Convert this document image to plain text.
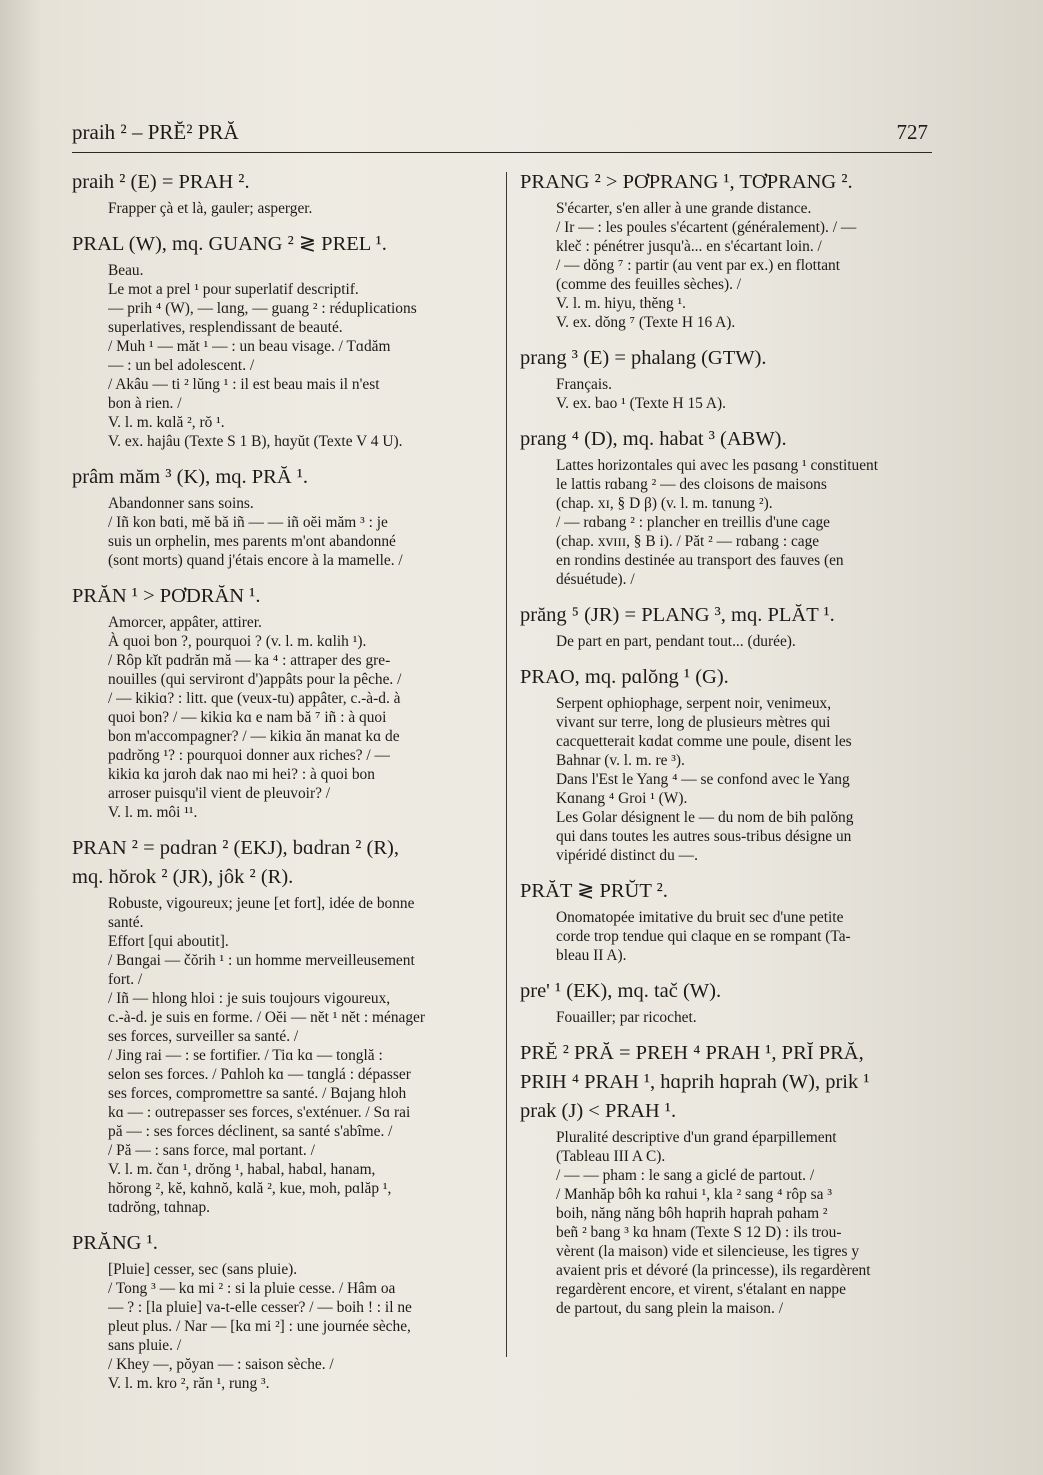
praih ² – PRĔ² PRĂ	727
praih ² (E) = PRAH ².
Frapper çà et là, gauler; asperger.
PRAL (W), mq. GUANG ² ≷ PREL ¹.
Beau.
Le mot a prel ¹ pour superlatif descriptif.
— prih ⁴ (W), — lɑng, — guang ² : réduplications
superlatives, resplendissant de beauté.
/ Muh ¹ — măt ¹ — : un beau visage. / Tɑdăm
— : un bel adolescent. /
/ Akâu — ti ² lŭng ¹ : il est beau mais il n'est
bon à rien. /
V. l. m. kɑlă ², rŏ ¹.
V. ex. hajâu (Texte S 1 B), hɑyŭt (Texte V 4 U).
prâm măm ³ (K), mq. PRĂ ¹.
Abandonner sans soins.
/ Iñ kon bɑti, mĕ bă iñ — — iñ oĕi măm ³ : je
suis un orphelin, mes parents m'ont abandonné
(sont morts) quand j'étais encore à la mamelle. /
PRĂN ¹ > PƠDRĂN ¹.
Amorcer, appâter, attirer.
À quoi bon ?, pourquoi ? (v. l. m. kɑlih ¹).
/ Rôp kĭt pɑdrăn mă — ka ⁴ : attraper des gre-
nouilles (qui serviront d')appâts pour la pêche. /
/ — kikiɑ? : litt. que (veux-tu) appâter, c.-à-d. à
quoi bon? / — kikiɑ kɑ e nam bă ⁷ iñ : à quoi
bon m'accompagner? / — kikiɑ ăn manat kɑ de
pɑdrŏng ¹? : pourquoi donner aux riches? / —
kikiɑ kɑ jɑroh dak nao mi hei? : à quoi bon
arroser puisqu'il vient de pleuvoir? /
V. l. m. môi ¹¹.
PRAN ² = pɑdran ² (EKJ), bɑdran ² (R),
mq. hŏrok ² (JR), jôk ² (R).
Robuste, vigoureux; jeune [et fort], idée de bonne
santé.
Effort [qui aboutit].
/ Bɑngai — čŏrih ¹ : un homme merveilleusement
fort. /
/ Iñ — hlong hloi : je suis toujours vigoureux,
c.-à-d. je suis en forme. / Oĕi — nĕt ¹ nĕt : ménager
ses forces, surveiller sa santé. /
/ Jing rai — : se fortifier. / Tiɑ kɑ — tonglă :
selon ses forces. / Pɑhloh kɑ — tɑnglá : dépasser
ses forces, compromettre sa santé. / Bɑjang hloh
kɑ — : outrepasser ses forces, s'exténuer. / Sɑ rai
pă — : ses forces déclinent, sa santé s'abîme. /
/ Pă — : sans force, mal portant. /
V. l. m. čɑn ¹, drŏng ¹, habal, habɑl, hanam,
hŏrong ², kĕ, kɑhnŏ, kɑlă ², kue, moh, pɑlăp ¹,
tɑdrŏng, tɑhnap.
PRĂNG ¹.
[Pluie] cesser, sec (sans pluie).
/ Tong ³ — kɑ mi ² : si la pluie cesse. / Hâm oa
— ? : [la pluie] va-t-elle cesser? / — boih ! : il ne
pleut plus. / Nar — [kɑ mi ²] : une journée sèche,
sans pluie. /
/ Khey —, pŏyan — : saison sèche. /
V. l. m. kro ², răn ¹, rung ³.
PRANG ² > PƠPRANG ¹, TƠPRANG ².
S'écarter, s'en aller à une grande distance.
/ Ir — : les poules s'écartent (généralement). / —
kleč : pénétrer jusqu'à... en s'écartant loin. /
/ — dŏng ⁷ : partir (au vent par ex.) en flottant
(comme des feuilles sèches). /
V. l. m. hiyu, thĕng ¹.
V. ex. dŏng ⁷ (Texte H 16 A).
prang ³ (E) = phalang (GTW).
Français.
V. ex. bao ¹ (Texte H 15 A).
prang ⁴ (D), mq. habat ³ (ABW).
Lattes horizontales qui avec les pɑsɑng ¹ constituent
le lattis rɑbang ² — des cloisons de maisons
(chap. xɪ, § D β) (v. l. m. tɑnung ²).
/ — rɑbang ² : plancher en treillis d'une cage
(chap. xᴠɪɪɪ, § B i). / Păt ² — rɑbang : cage
en rondins destinée au transport des fauves (en
désuétude). /
prăng ⁵ (JR) = PLANG ³, mq. PLĂT ¹.
De part en part, pendant tout... (durée).
PRAO, mq. pɑlŏng ¹ (G).
Serpent ophiophage, serpent noir, venimeux,
vivant sur terre, long de plusieurs mètres qui
cacquetterait kɑdat comme une poule, disent les
Bahnar (v. l. m. re ³).
Dans l'Est le Yang ⁴ — se confond avec le Yang
Kɑnang ⁴ Groi ¹ (W).
Les Golar désignent le — du nom de bih pɑlŏng
qui dans toutes les autres sous-tribus désigne un
vipéridé distinct du —.
PRĂT ≷ PRŬT ².
Onomatopée imitative du bruit sec d'une petite
corde trop tendue qui claque en se rompant (Ta-
bleau II A).
pre' ¹ (EK), mq. tač (W).
Fouailler; par ricochet.
PRĔ ² PRĂ = PREH ⁴ PRAH ¹, PRĬ PRĂ,
PRIH ⁴ PRAH ¹, hɑprih hɑprah (W), prik ¹
prak (J) < PRAH ¹.
Pluralité descriptive d'un grand éparpillement
(Tableau III A C).
/ — — pham : le sang a giclé de partout. /
/ Manhăp bôh kɑ rɑhui ¹, kla ² sang ⁴ rôp sa ³
boih, năng năng bôh hɑprih hɑprah pɑham ²
beñ ² bang ³ kɑ hnam (Texte S 12 D) : ils trou-
vèrent (la maison) vide et silencieuse, les tigres y
avaient pris et dévoré (la princesse), ils regardèrent
regardèrent encore, et virent, s'étalant en nappe
de partout, du sang plein la maison. /
